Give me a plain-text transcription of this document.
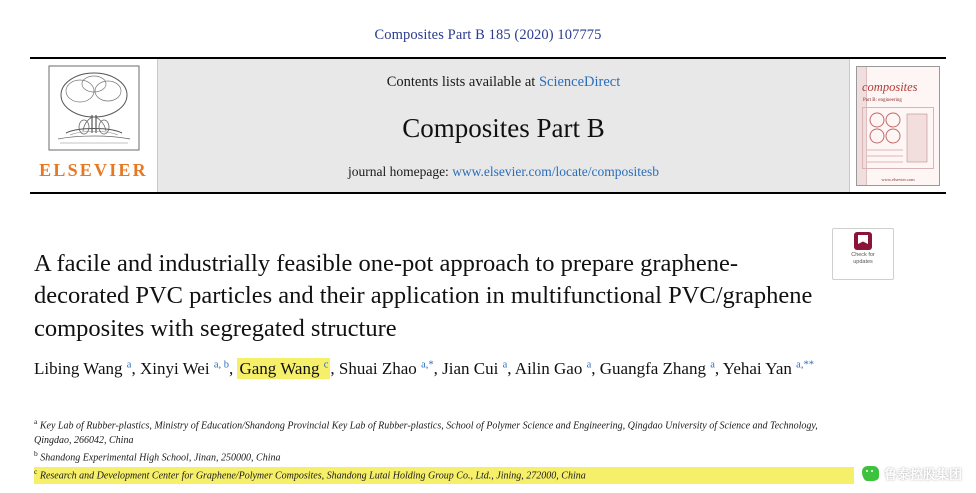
Composites Part B 185 (2020) 107775
ELSEVIER
Contents lists available at ScienceDirect
Composites Part B
journal homepage: www.elsevier.com/locate/compositesb
composites
Part B: engineering
www.elsevier.com
Check for
updates
A facile and industrially feasible one-pot approach to prepare graphene-decorated PVC particles and their application in multifunctional PVC/graphene composites with segregated structure
Libing Wang $^a$, Xinyi Wei $^{a, b}$, Gang Wang $^c$ , Shuai Zhao $^{a,*}$, Jian Cui $^a$, Ailin Gao $^a$, Guangfa Zhang $^a$, Yehai Yan $^{a,**}$
$^a$ Key Lab of Rubber-plastics, Ministry of Education/Shandong Provincial Key Lab of Rubber-plastics, School of Polymer Science and Engineering, Qingdao University of Science and Technology, Qingdao, 266042, China
$^b$ Shandong Experimental High School, Jinan, 250000, China
$^c$ Research and Development Center for Graphene/Polymer Composites, Shandong Lutai Holding Group Co., Ltd., Jining, 272000, China	鲁泰控股集团
